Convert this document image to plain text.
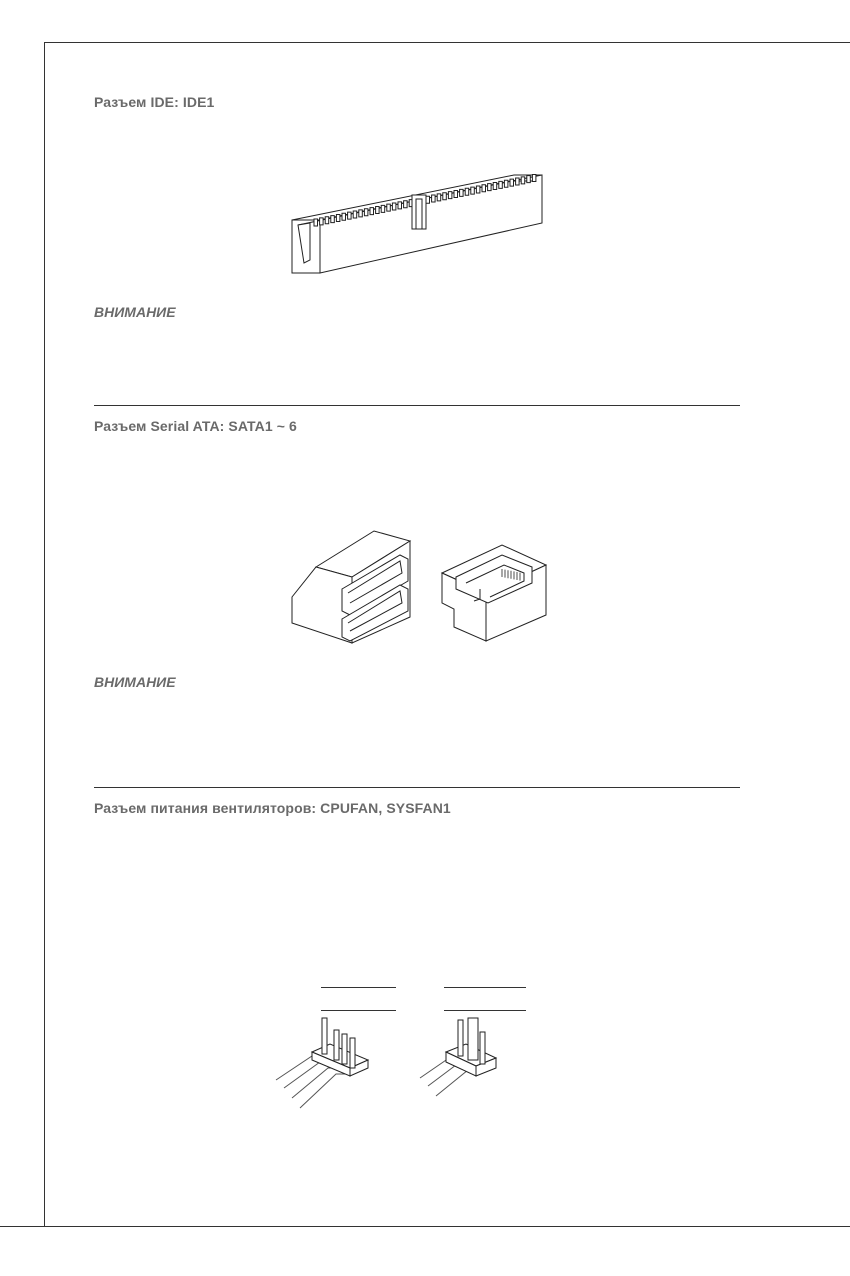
Разъем IDE: IDE1

ВНИМАНИЕ

Разъем Serial ATA: SATA1 ~ 6

ВНИМАНИЕ

Разъем питания вентиляторов: CPUFAN, SYSFAN1
